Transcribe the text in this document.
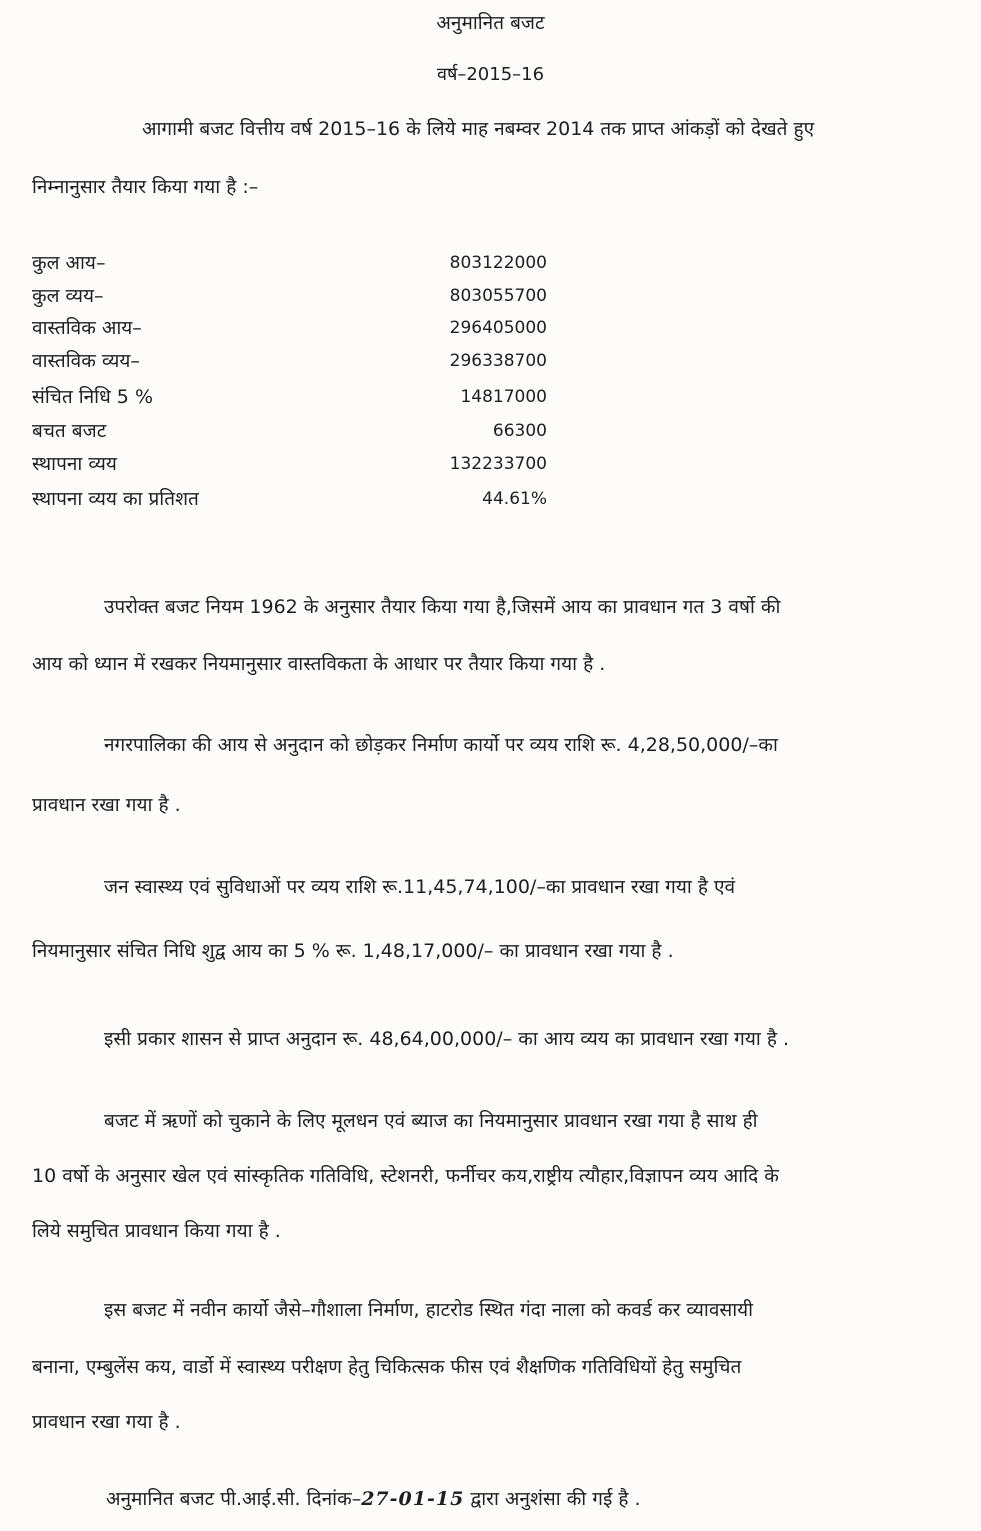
अनुमानित बजट
वर्ष–2015–16
आगामी बजट वित्तीय वर्ष 2015–16 के लिये माह नबम्वर 2014 तक प्राप्त आंकड़ों को देखते हुए
निम्नानुसार तैयार किया गया है :–
कुल आय–	803122000
कुल व्यय–	803055700
वास्तविक आय–	296405000
वास्तविक व्यय–	296338700
संचित निधि 5 %	14817000
बचत बजट	66300
स्थापना व्यय	132233700
स्थापना व्यय का प्रतिशत	44.61%
उपरोक्त बजट नियम 1962 के अनुसार तैयार किया गया है,जिसमें आय का प्रावधान गत 3 वर्षो की
आय को ध्यान में रखकर नियमानुसार वास्तविकता के आधार पर तैयार किया गया है .
नगरपालिका की आय से अनुदान को छोड़कर निर्माण कार्यो पर व्यय राशि रू. 4,28,50,000/–का
प्रावधान रखा गया है .
जन स्वास्थ्य एवं सुविधाओं पर व्यय राशि रू.11,45,74,100/–का प्रावधान रखा गया है एवं
नियमानुसार संचित निधि शुद्व आय का 5 % रू. 1,48,17,000/– का प्रावधान रखा गया है .
इसी प्रकार शासन से प्राप्त अनुदान रू. 48,64,00,000/– का आय व्यय का प्रावधान रखा गया है .
बजट में ऋणों को चुकाने के लिए मूलधन एवं ब्याज का नियमानुसार प्रावधान रखा गया है साथ ही
10 वर्षो के अनुसार खेल एवं सांस्कृतिक गतिविधि, स्टेशनरी, फर्नीचर कय,राष्ट्रीय त्यौहार,विज्ञापन व्यय आदि के
लिये समुचित प्रावधान किया गया है .
इस बजट में नवीन कार्यो जैसे–गौशाला निर्माण, हाटरोड स्थित गंदा नाला को कवर्ड कर व्यावसायी
बनाना, एम्बुलेंस कय, वार्डो में स्वास्थ्य परीक्षण हेतु चिकित्सक फीस एवं शैक्षणिक गतिविधियों हेतु समुचित
प्रावधान रखा गया है .
अनुमानित बजट पी.आई.सी. दिनांक–27-01-15 द्वारा अनुशंसा की गई है .
